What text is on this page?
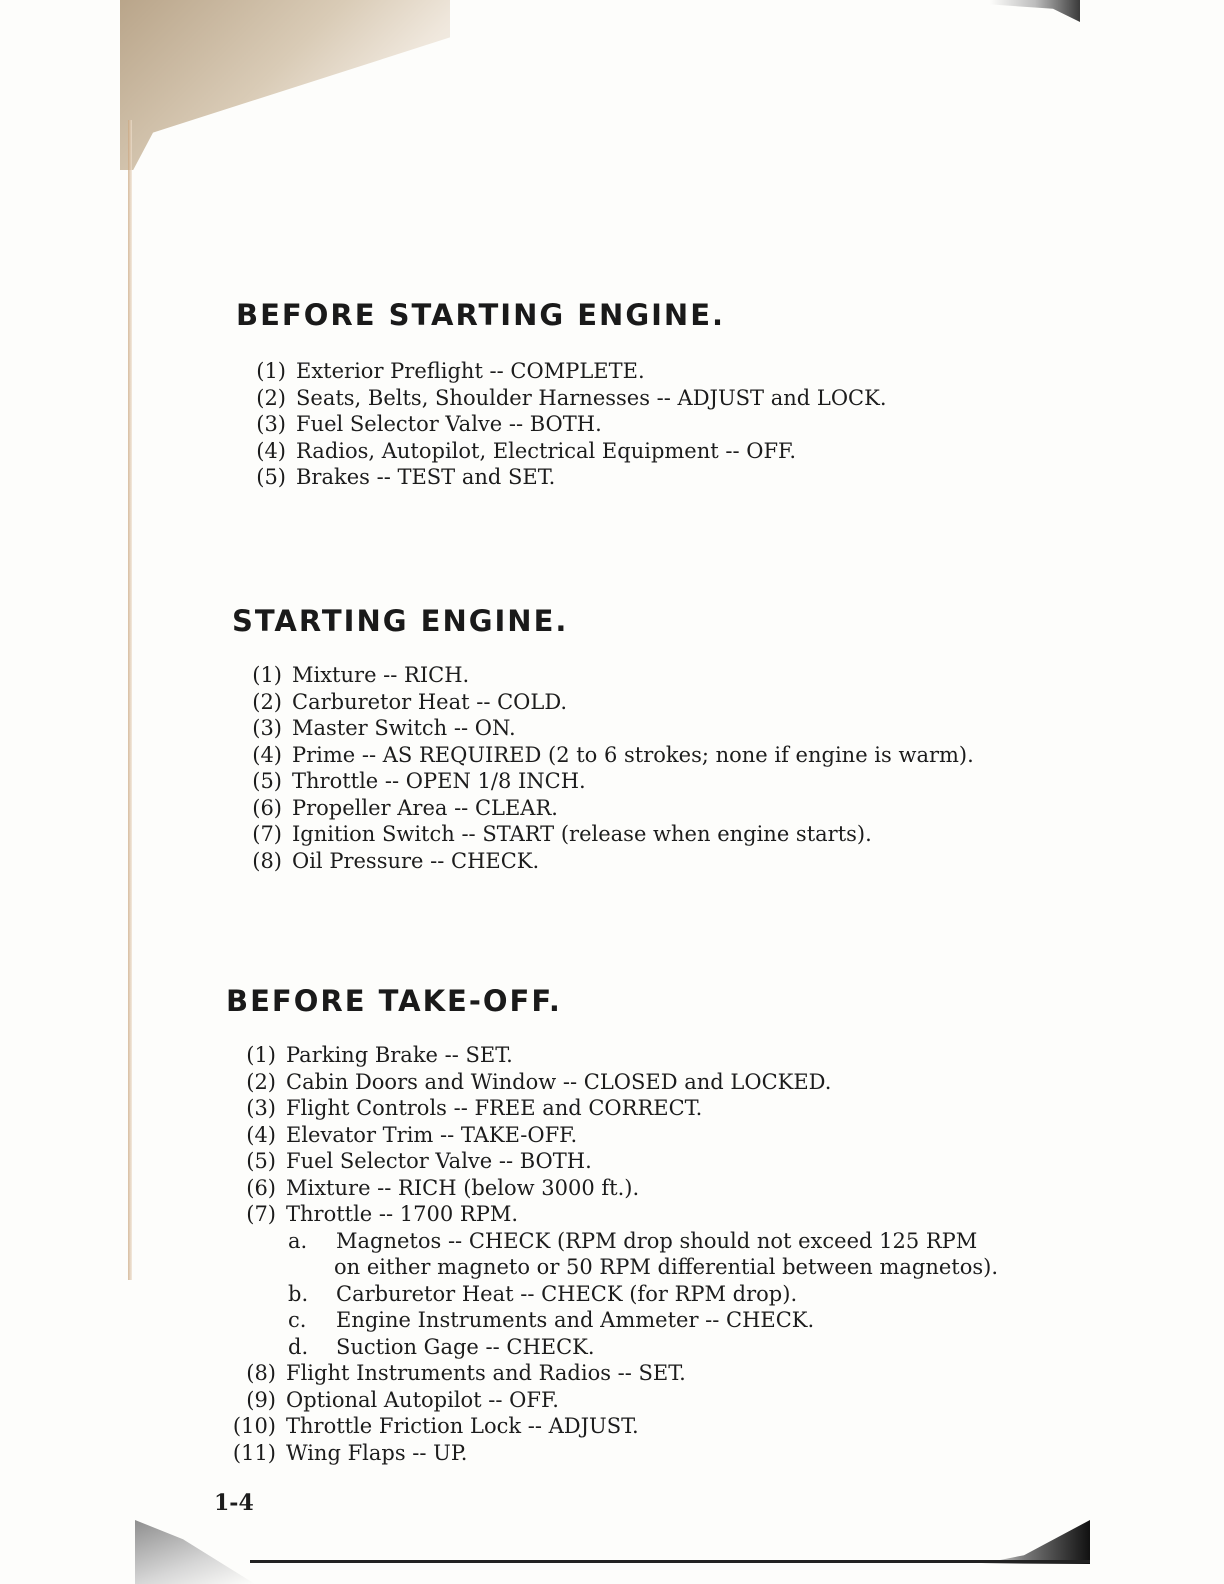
BEFORE STARTING ENGINE.
(1) Exterior Preflight -- COMPLETE.
(2) Seats, Belts, Shoulder Harnesses -- ADJUST and LOCK.
(3) Fuel Selector Valve -- BOTH.
(4) Radios, Autopilot, Electrical Equipment -- OFF.
(5) Brakes -- TEST and SET.
STARTING ENGINE.
(1) Mixture -- RICH.
(2) Carburetor Heat -- COLD.
(3) Master Switch -- ON.
(4) Prime -- AS REQUIRED (2 to 6 strokes; none if engine is warm).
(5) Throttle -- OPEN 1/8 INCH.
(6) Propeller Area -- CLEAR.
(7) Ignition Switch -- START (release when engine starts).
(8) Oil Pressure -- CHECK.
BEFORE TAKE-OFF.
(1) Parking Brake -- SET.
(2) Cabin Doors and Window -- CLOSED and LOCKED.
(3) Flight Controls -- FREE and CORRECT.
(4) Elevator Trim -- TAKE-OFF.
(5) Fuel Selector Valve -- BOTH.
(6) Mixture -- RICH (below 3000 ft.).
(7) Throttle -- 1700 RPM.
a. Magnetos -- CHECK (RPM drop should not exceed 125 RPM
on either magneto or 50 RPM differential between magnetos).
b. Carburetor Heat -- CHECK (for RPM drop).
c. Engine Instruments and Ammeter -- CHECK.
d. Suction Gage -- CHECK.
(8) Flight Instruments and Radios -- SET.
(9) Optional Autopilot -- OFF.
(10) Throttle Friction Lock -- ADJUST.
(11) Wing Flaps -- UP.
1-4
